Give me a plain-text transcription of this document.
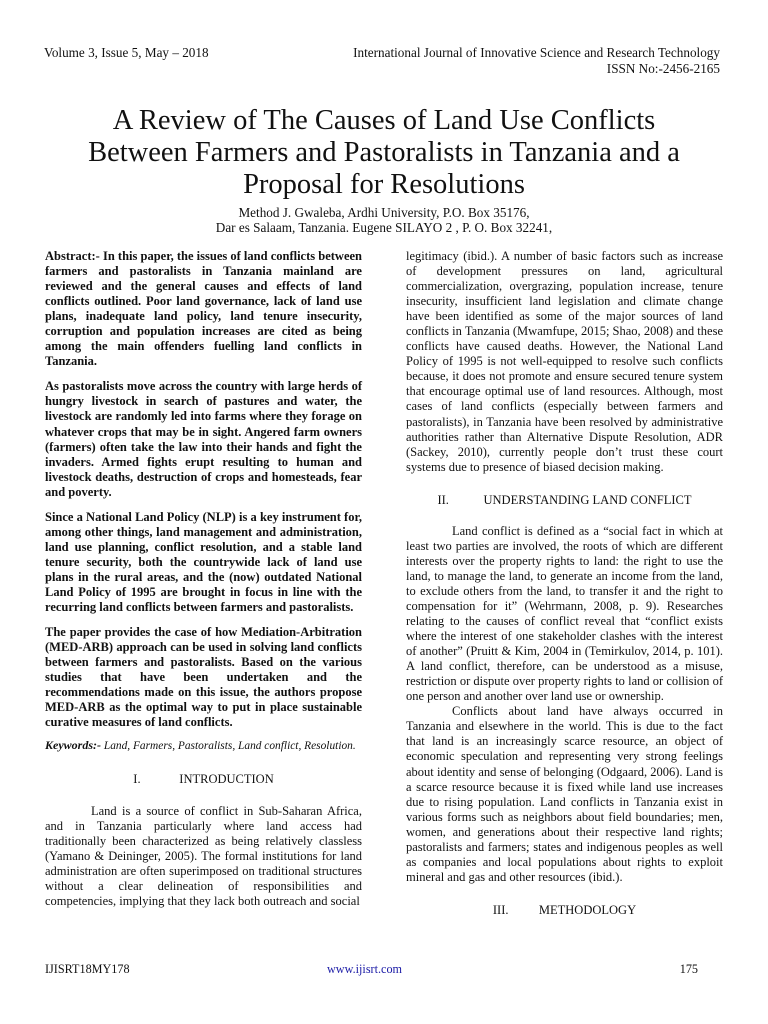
Volume 3, Issue 5, May – 2018	International Journal of Innovative Science and Research Technology
ISSN No:-2456-2165
A Review of The Causes of Land Use Conflicts Between Farmers and Pastoralists in Tanzania and a Proposal for Resolutions
Method J. Gwaleba, Ardhi University, P.O. Box 35176,
Dar es Salaam, Tanzania. Eugene SILAYO 2 , P. O. Box 32241,

Abstract:- In this paper, the issues of land conflicts between farmers and pastoralists in Tanzania mainland are reviewed and the general causes and effects of land conflicts outlined. Poor land governance, lack of land use plans, inadequate land policy, land tenure insecurity, corruption and population increases are cited as being among the main offenders fuelling land conflicts in Tanzania.

As pastoralists move across the country with large herds of hungry livestock in search of pastures and water, the livestock are randomly led into farms where they forage on whatever crops that may be in sight. Angered farm owners (farmers) often take the law into their hands and fight the invaders. Armed fights erupt resulting to human and livestock deaths, destruction of crops and homesteads, fear and poverty.

Since a National Land Policy (NLP) is a key instrument for, among other things, land management and administration, land use planning, conflict resolution, and a stable land tenure security, both the countrywide lack of land use plans in the rural areas, and the (now) outdated National Land Policy of 1995 are brought in focus in line with the recurring land conflicts between farmers and pastoralists.

The paper provides the case of how Mediation-Arbitration (MED-ARB) approach can be used in solving land conflicts between farmers and pastoralists. Based on the various studies that have been undertaken and the recommendations made on this issue, the authors propose MED-ARB as the optimal way to put in place sustainable curative measures of land conflicts.

Keywords:- Land, Farmers, Pastoralists, Land conflict, Resolution.

I.	INTRODUCTION

Land is a source of conflict in Sub-Saharan Africa, and in Tanzania particularly where land access had traditionally been characterized as being relatively classless (Yamano & Deininger, 2005). The formal institutions for land administration are often superimposed on traditional structures without a clear delineation of responsibilities and competencies, implying that they lack both outreach and social

legitimacy (ibid.). A number of basic factors such as increase of development pressures on land, agricultural commercialization, overgrazing, population increase, tenure insecurity, insufficient land legislation and climate change have been identified as some of the major sources of land conflicts in Tanzania (Mwamfupe, 2015; Shao, 2008) and these conflicts have caused deaths. However, the National Land Policy of 1995 is not well-equipped to resolve such conflicts because, it does not promote and ensure secured tenure system that encourage optimal use of land resources. Although, most cases of land conflicts (especially between farmers and pastoralists), in Tanzania have been resolved by administrative authorities rather than Alternative Dispute Resolution, ADR (Sackey, 2010), currently people don’t trust these court systems due to presence of biased decision making.

II.	UNDERSTANDING LAND CONFLICT

Land conflict is defined as a “social fact in which at least two parties are involved, the roots of which are different interests over the property rights to land: the right to use the land, to manage the land, to generate an income from the land, to exclude others from the land, to transfer it and the right to compensation for it” (Wehrmann, 2008, p. 9). Researches relating to the causes of conflict reveal that “conflict exists where the interest of one stakeholder clashes with the interest of another” (Pruitt & Kim, 2004 in (Temirkulov, 2014, p. 101). A land conflict, therefore, can be understood as a misuse, restriction or dispute over property rights to land or collision of one person and another over land use or ownership.

Conflicts about land have always occurred in Tanzania and elsewhere in the world. This is due to the fact that land is an increasingly scarce resource, an object of economic speculation and representing very strong feelings about identity and sense of belonging (Odgaard, 2006). Land is a scarce resource because it is fixed while land use increases due to rising population. Land conflicts in Tanzania exist in various forms such as neighbors about field boundaries; men, women, and generations about their respective land rights; pastoralists and farmers; states and indigenous peoples as well as companies and local populations about rights to exploit mineral and gas and other resources (ibid.).

III. METHODOLOGY
IJISRT18MY178	www.ijisrt.com	175
